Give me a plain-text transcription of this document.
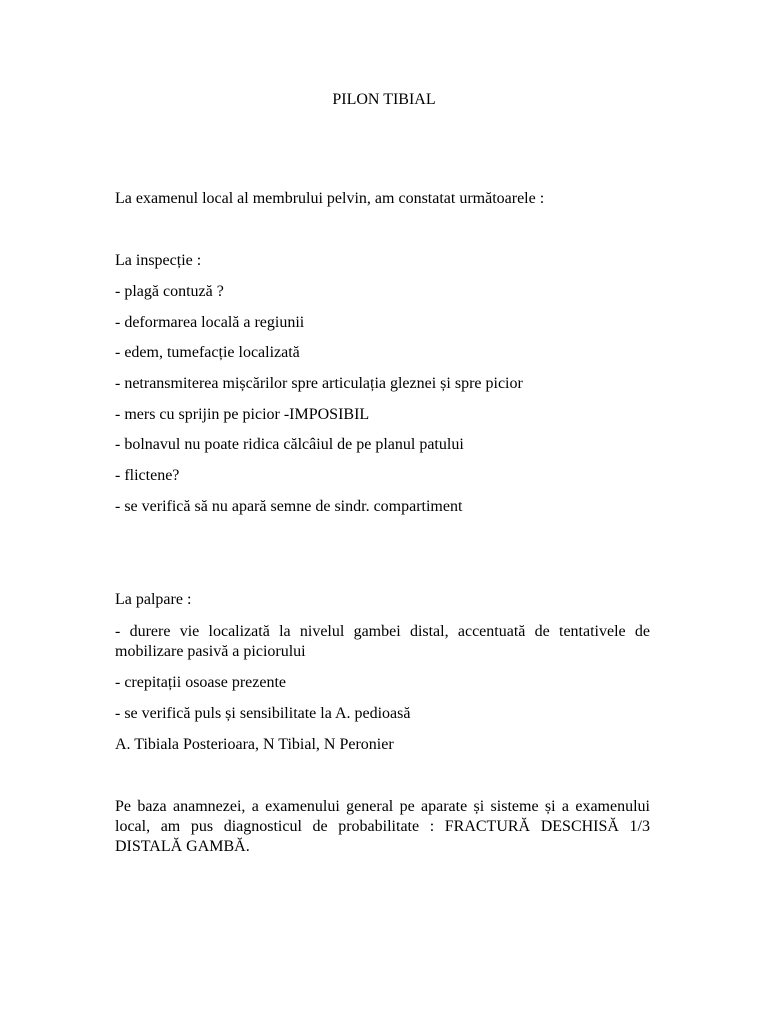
PILON TIBIAL
La examenul local al membrului pelvin, am constatat următoarele :
La inspecție :
- plagă contuză ?
- deformarea locală a regiunii
- edem, tumefacție localizată
- netransmiterea mișcărilor spre articulația gleznei și spre picior
- mers cu sprijin pe picior -IMPOSIBIL
- bolnavul nu poate ridica călcâiul de pe planul patului
- flictene?
- se verifică să nu apară semne de sindr. compartiment
La palpare :
- durere vie localizată la nivelul gambei distal, accentuată de tentativele de mobilizare pasivă a piciorului
- crepitații osoase prezente
- se verifică puls și sensibilitate la A. pedioasă
A. Tibiala Posterioara, N Tibial, N Peronier
Pe baza anamnezei, a examenului general pe aparate și sisteme și a examenului local, am pus diagnosticul de probabilitate : FRACTURĂ DESCHISĂ 1/3 DISTALĂ GAMBĂ.
